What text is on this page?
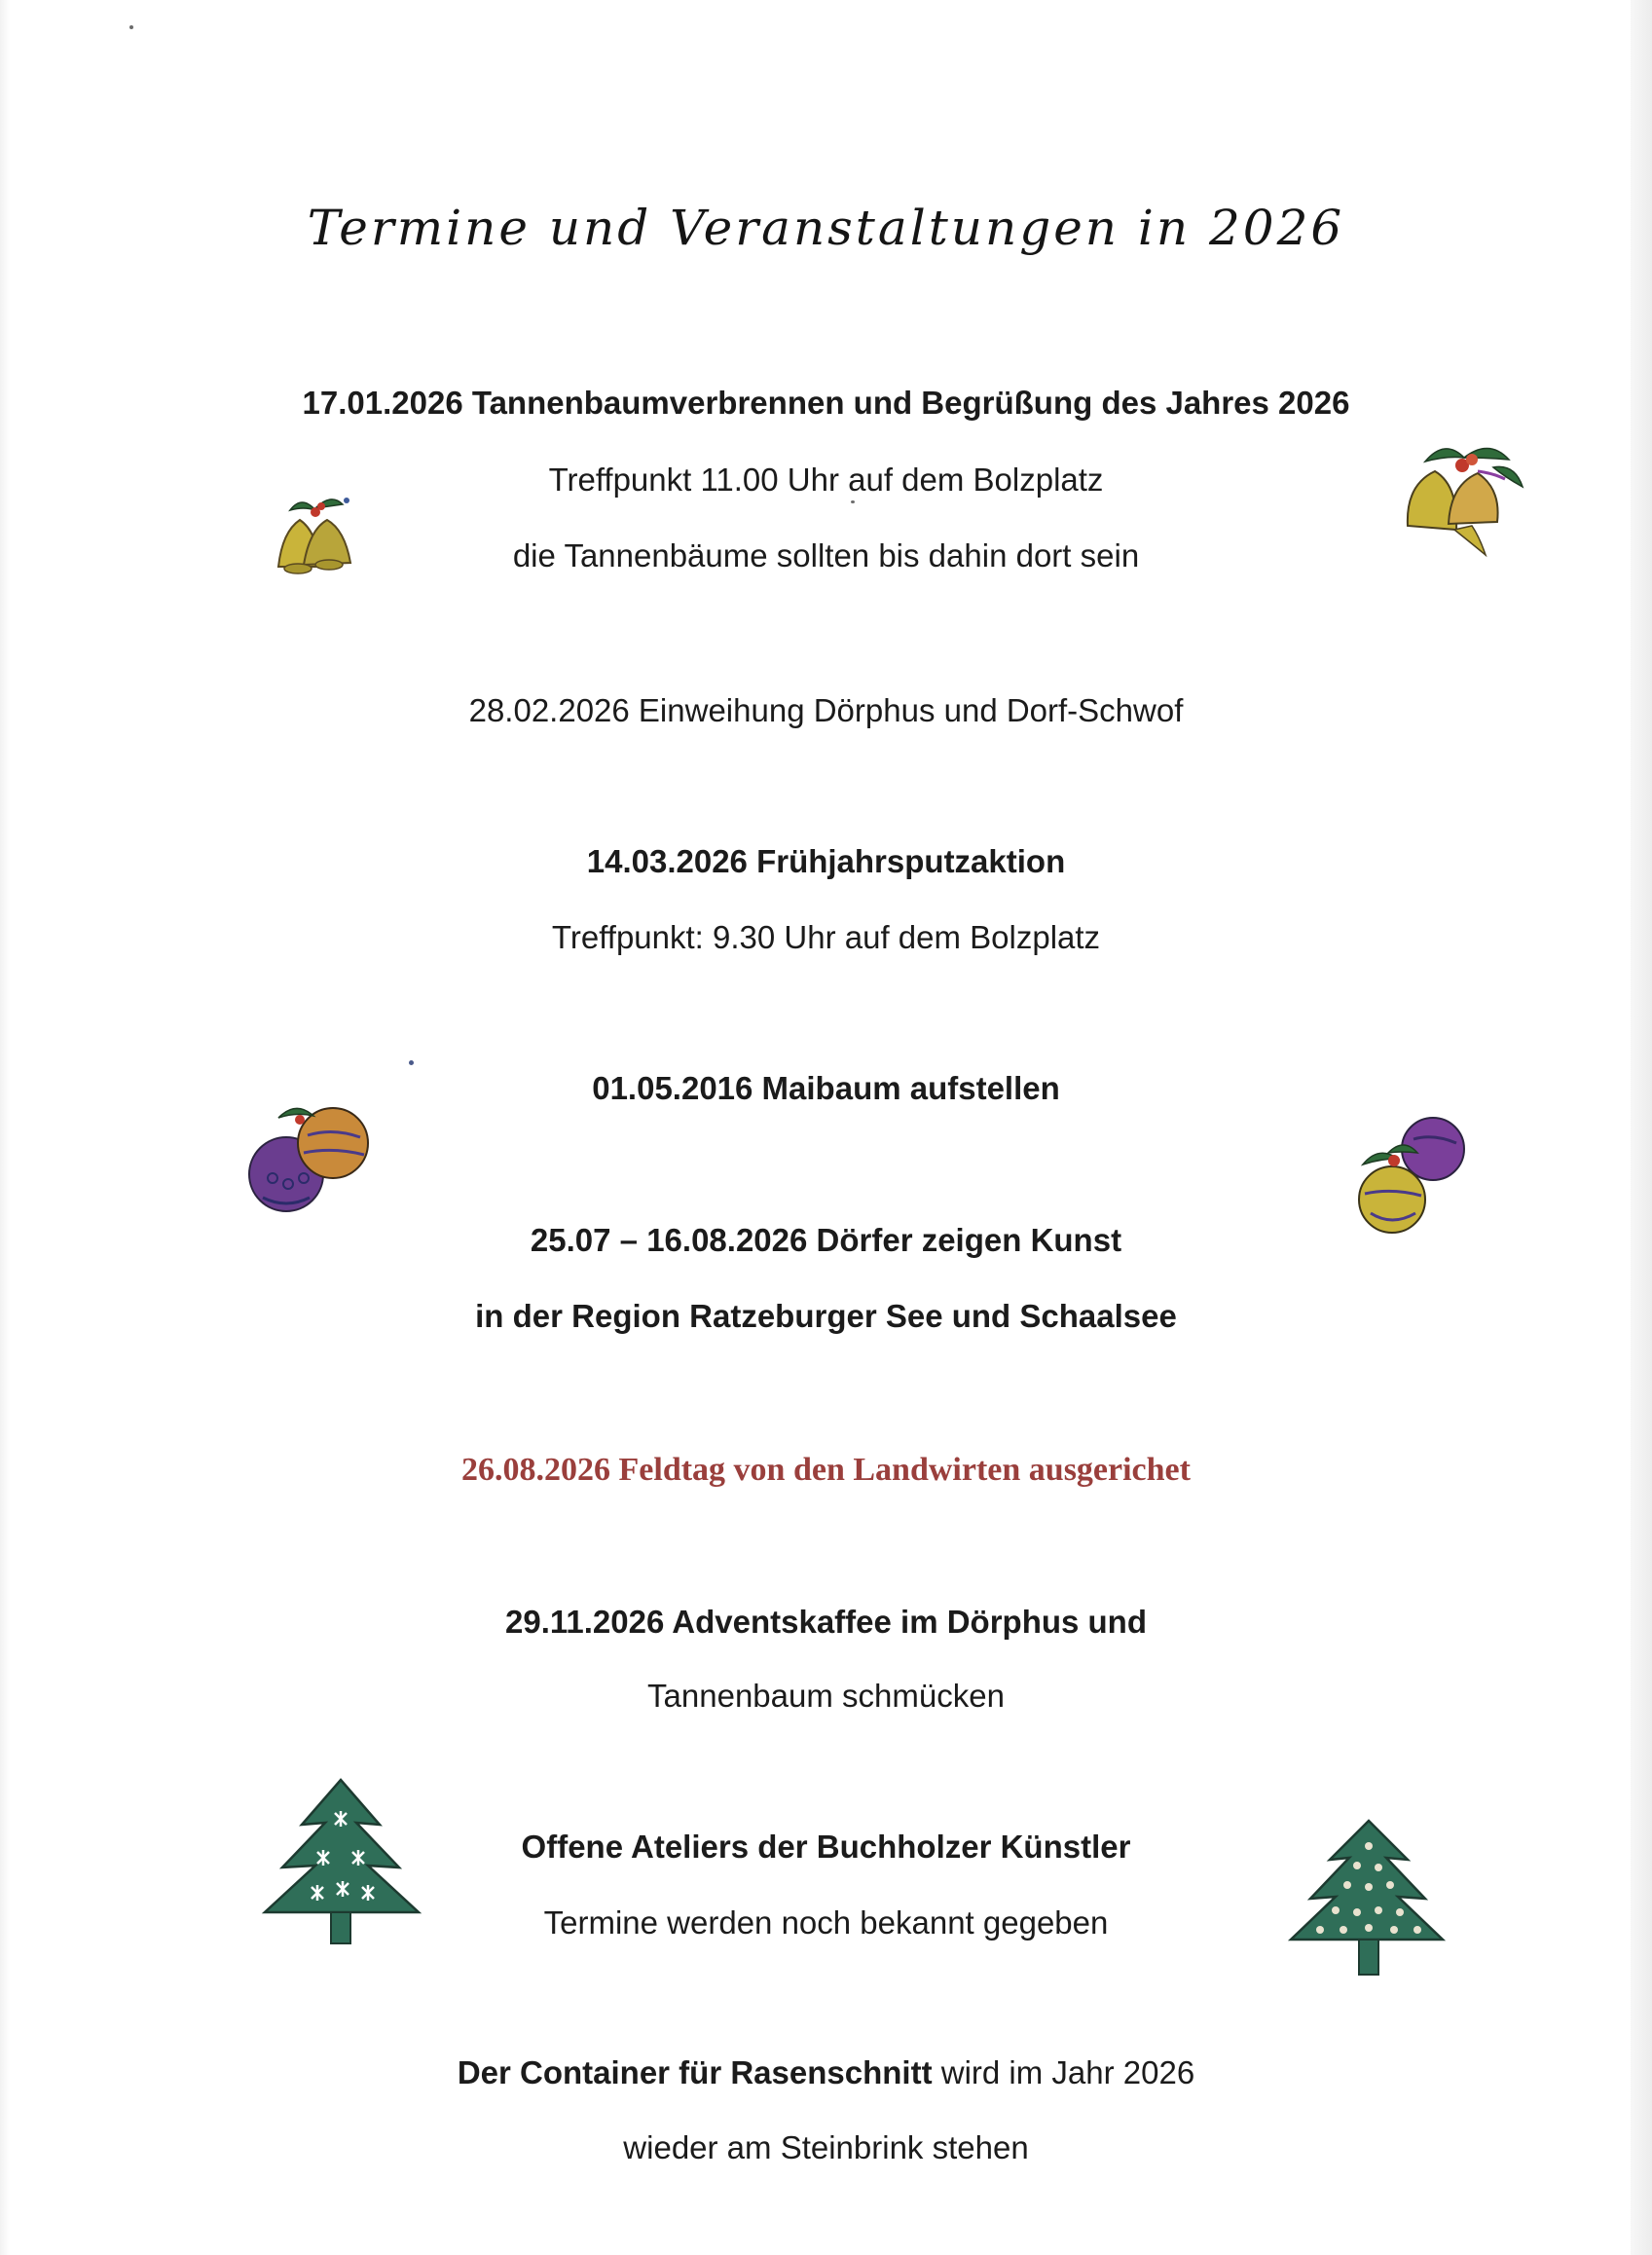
Termine und Veranstaltungen in 2026
17.01.2026 Tannenbaumverbrennen und Begrüßung des Jahres 2026
Treffpunkt 11.00 Uhr auf dem Bolzplatz
die Tannenbäume sollten bis dahin dort sein
28.02.2026 Einweihung Dörphus und Dorf-Schwof
14.03.2026 Frühjahrsputzaktion
Treffpunkt: 9.30 Uhr auf dem Bolzplatz
01.05.2016 Maibaum aufstellen
25.07 – 16.08.2026 Dörfer zeigen Kunst
in der Region Ratzeburger See und Schaalsee
26.08.2026 Feldtag von den Landwirten ausgerichet
29.11.2026 Adventskaffee im Dörphus und
Tannenbaum schmücken
Offene Ateliers der Buchholzer Künstler
Termine werden noch bekannt gegeben
Der Container für Rasenschnitt wird im Jahr 2026
wieder am Steinbrink stehen
